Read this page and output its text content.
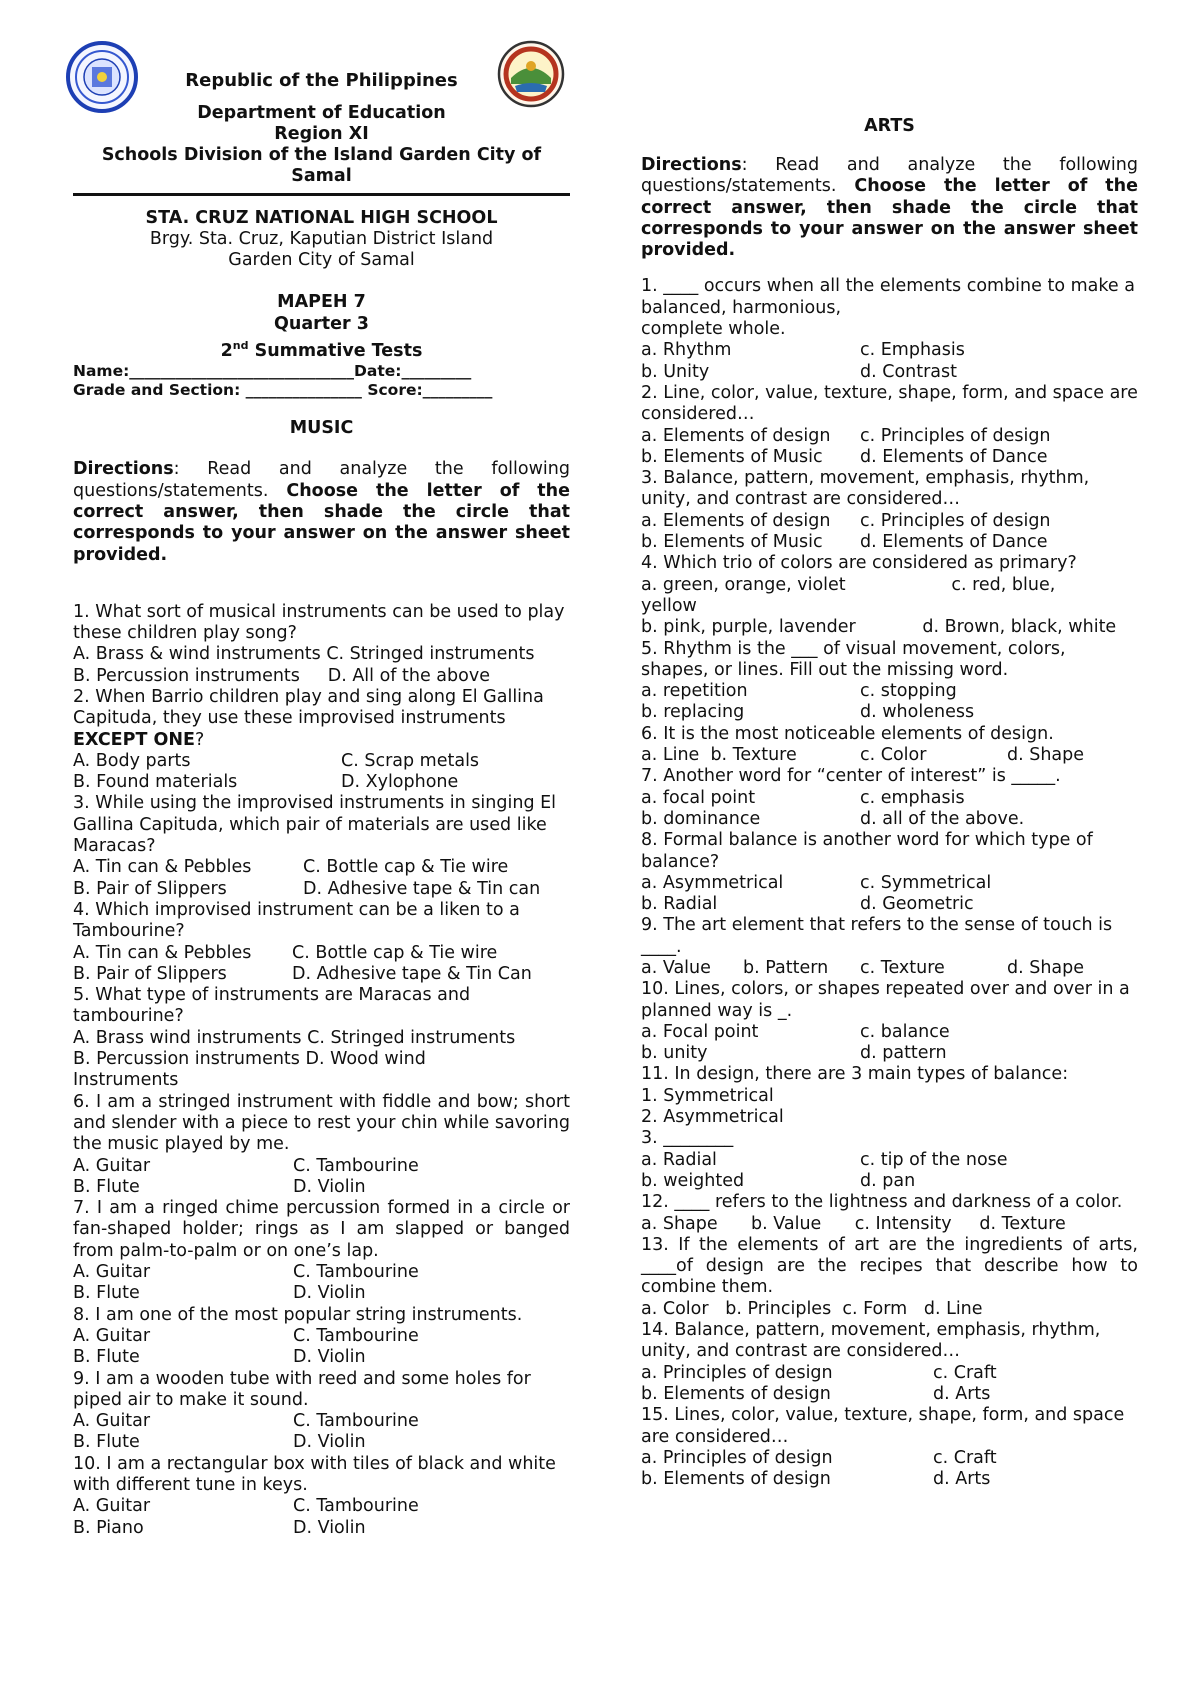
Republic of the Philippines
Department of Education
Region XI
Schools Division of the Island Garden City of Samal
STA. CRUZ NATIONAL HIGH SCHOOL
Brgy. Sta. Cruz, Kaputian District Island
Garden City of Samal
MAPEH 7
Quarter 3
2nd Summative Tests
Name:_____________________________Date:_________
Grade and Section: _______________ Score:_________
MUSIC
Directions: Read and analyze the following questions/statements. Choose the letter of the correct answer, then shade the circle that corresponds to your answer on the answer sheet provided.
1. What sort of musical instruments can be used to play these children play song?
A. Brass & wind instruments C. Stringed instruments
B. Percussion instruments     D. All of the above
2. When Barrio children play and sing along El Gallina Capituda, they use these improvised instruments EXCEPT ONE?
A. Body parts	C. Scrap metals
B. Found materials	D. Xylophone
3. While using the improvised instruments in singing El Gallina Capituda, which pair of materials are used like Maracas?
A. Tin can & Pebbles	C. Bottle cap & Tie wire
B. Pair of Slippers	D. Adhesive tape & Tin can
4. Which improvised instrument can be a liken to a Tambourine?
A. Tin can & Pebbles	C. Bottle cap & Tie wire
B. Pair of Slippers	D. Adhesive tape & Tin Can
5. What type of instruments are Maracas and tambourine?
A. Brass wind instruments C. Stringed instruments
B. Percussion instruments D. Wood wind
Instruments
6. I am a stringed instrument with fiddle and bow; short and slender with a piece to rest your chin while savoring the music played by me.
A. Guitar	C. Tambourine
B. Flute	D. Violin
7. I am a ringed chime percussion formed in a circle or fan-shaped holder; rings as I am slapped or banged from palm-to-palm or on one’s lap.
A. Guitar	C. Tambourine
B. Flute	D. Violin
8. I am one of the most popular string instruments.
A. Guitar	C. Tambourine
B. Flute	D. Violin
9. I am a wooden tube with reed and some holes for piped air to make it sound.
A. Guitar	C. Tambourine
B. Flute	D. Violin
10. I am a rectangular box with tiles of black and white with different tune in keys.
A. Guitar	C. Tambourine
B. Piano	D. Violin
ARTS
Directions: Read and analyze the following questions/statements. Choose the letter of the correct answer, then shade the circle that corresponds to your answer on the answer sheet provided.
1. ____ occurs when all the elements combine to make a balanced, harmonious,
complete whole.
a. Rhythm	c. Emphasis
b. Unity	d. Contrast
2. Line, color, value, texture, shape, form, and space are considered…
a. Elements of design	c. Principles of design
b. Elements of Music	d. Elements of Dance
3. Balance, pattern, movement, emphasis, rhythm, unity, and contrast are considered…
a. Elements of design	c. Principles of design
b. Elements of Music	d. Elements of Dance
4. Which trio of colors are considered as primary?
a. green, orange, violet                   c. red, blue,
yellow
b. pink, purple, lavender            d. Brown, black, white
5. Rhythm is the ___ of visual movement, colors, shapes, or lines. Fill out the missing word.
a. repetition	c. stopping
b. replacing	d. wholeness
6. It is the most noticeable elements of design.
a. Line  b. Texture	c. Color	d. Shape
7. Another word for “center of interest” is _____.
a. focal point	c. emphasis
b. dominance	d. all of the above.
8. Formal balance is another word for which type of balance?
a. Asymmetrical	c. Symmetrical
b. Radial	d. Geometric
9. The art element that refers to the sense of touch is ____.
a. Value	b. Pattern	c. Texture	d. Shape
10. Lines, colors, or shapes repeated over and over in a planned way is _.
a. Focal point	c. balance
b. unity	d. pattern
11. In design, there are 3 main types of balance:
1. Symmetrical
2. Asymmetrical
3. ________
a. Radial	c. tip of the nose
b. weighted	d. pan
12. ____ refers to the lightness and darkness of a color.
a. Shape      b. Value      c. Intensity     d. Texture
13. If the elements of art are the ingredients of arts, ____of design are the recipes that describe how to combine them.
a. Color   b. Principles  c. Form   d. Line
14. Balance, pattern, movement, emphasis, rhythm, unity, and contrast are considered…
a. Principles of design	c. Craft
b. Elements of design	d. Arts
15. Lines, color, value, texture, shape, form, and space are considered…
a. Principles of design	c. Craft
b. Elements of design	d. Arts
